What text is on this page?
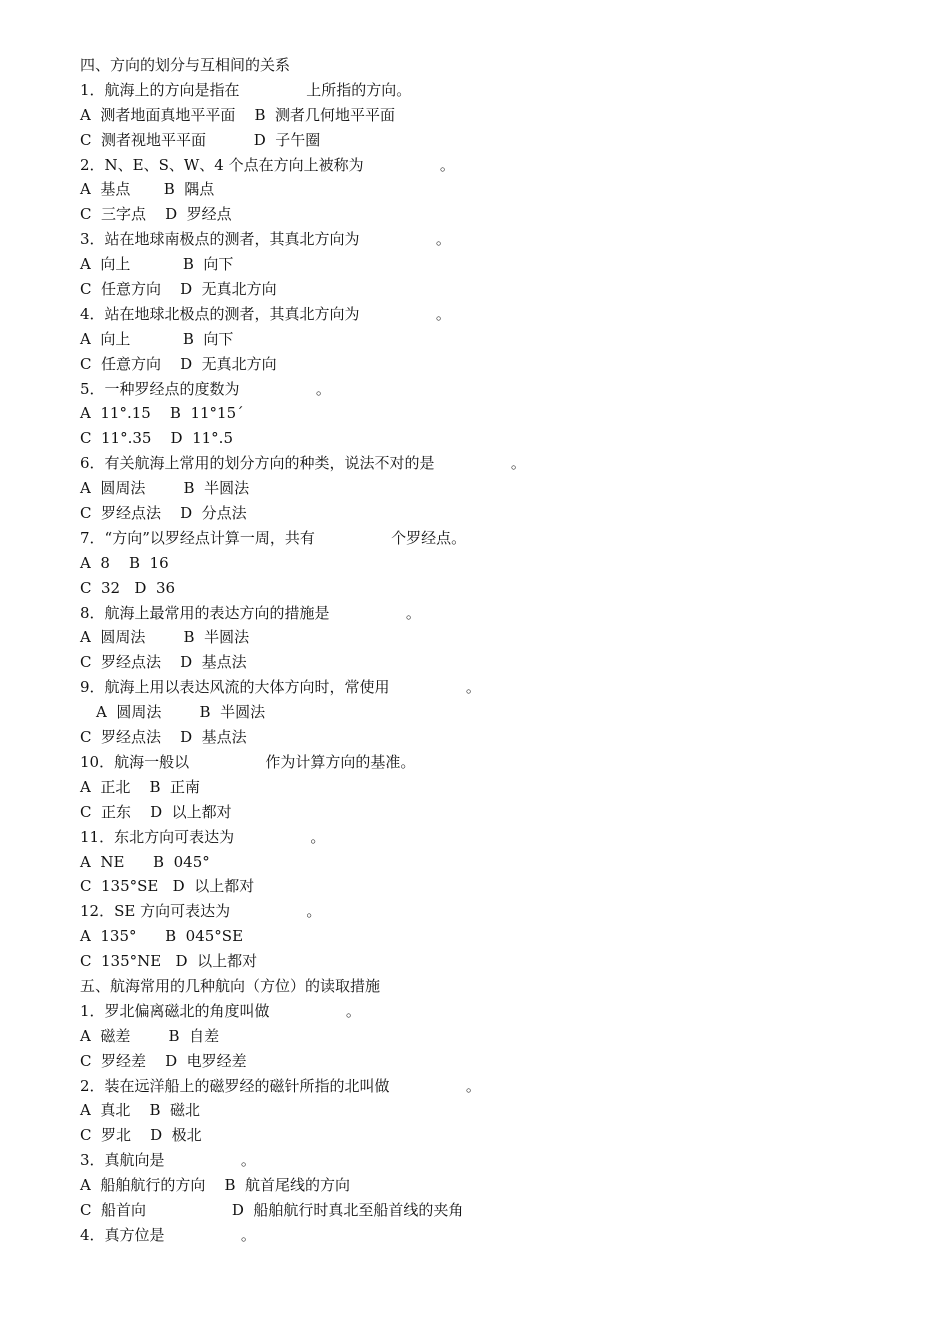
四、方向的划分与互相间的关系
1．航海上的方向是指在              上所指的方向。
A  测者地面真地平平面    B  测者几何地平平面
C  测者视地平平面          D  子午圈
2．N、E、S、W、4 个点在方向上被称为                。
A  基点       B  隅点
C  三字点    D  罗经点
3．站在地球南极点的测者，其真北方向为                。
A  向上           B  向下
C  任意方向    D  无真北方向
4．站在地球北极点的测者，其真北方向为                。
A  向上           B  向下
C  任意方向    D  无真北方向
5．一种罗经点的度数为                。
A  11°.15    B  11°15´
C  11°.35    D  11°.5
6．有关航海上常用的划分方向的种类，说法不对的是                。
A  圆周法        B  半圆法
C  罗经点法    D  分点法
7．“方向”以罗经点计算一周，共有                个罗经点。
A  8    B  16
C  32   D  36
8．航海上最常用的表达方向的措施是                。
A  圆周法        B  半圆法
C  罗经点法    D  基点法
9．航海上用以表达风流的大体方向时，常使用                。
A  圆周法        B  半圆法
C  罗经点法    D  基点法
10．航海一般以                作为计算方向的基准。
A  正北    B  正南
C  正东    D  以上都对
11．东北方向可表达为                。
A  NE      B  045°
C  135°SE   D  以上都对
12．SE 方向可表达为                。
A  135°      B  045°SE
C  135°NE   D  以上都对
五、航海常用的几种航向（方位）的读取措施
1．罗北偏离磁北的角度叫做                。
A  磁差        B  自差
C  罗经差    D  电罗经差
2．装在远洋船上的磁罗经的磁针所指的北叫做                。
A  真北    B  磁北
C  罗北    D  极北
3．真航向是                。
A  船舶航行的方向    B  航首尾线的方向
C  船首向                  D  船舶航行时真北至船首线的夹角
4．真方位是                。
